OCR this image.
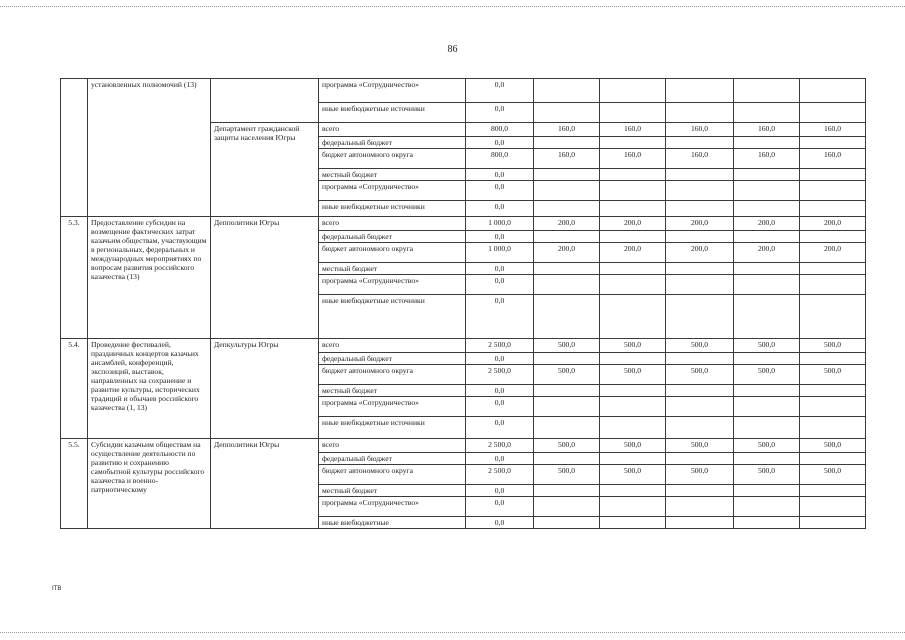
86
	установленных полномочий (13)		программа «Сотрудничество»	0,0					
			иные внебюджетные источники	0,0					
		Департамент гражданской защиты населения Югры	всего	800,0	160,0	160,0	160,0	160,0	160,0
			федеральный бюджет	0,0					
			бюджет автономного округа	800,0	160,0	160,0	160,0	160,0	160,0
			местный бюджет	0,0					
			программа «Сотрудничество»	0,0					
			иные внебюджетные источники	0,0					
5.3.	Предоставление субсидии на возмещение фактических затрат казачьим обществам, участвующим в региональных, федеральных и международных мероприятиях по вопросам развития российского казачества (13)	Депполитики Югры	всего	1 000,0	200,0	200,0	200,0	200,0	200,0
			федеральный бюджет	0,0					
			бюджет автономного округа	1 000,0	200,0	200,0	200,0	200,0	200,0
			местный бюджет	0,0					
			программа «Сотрудничество»	0,0					
			иные внебюджетные источники	0,0					
5.4.	Проведение фестивалей, праздничных концертов казачьих ансамблей, конференций, экспозиций, выставок, направленных на сохранение и развитие культуры, исторических традиций и обычаев российского казачества (1, 13)	Депкультуры Югры	всего	2 500,0	500,0	500,0	500,0	500,0	500,0
			федеральный бюджет	0,0					
			бюджет автономного округа	2 500,0	500,0	500,0	500,0	500,0	500,0
			местный бюджет	0,0					
			программа «Сотрудничество»	0,0					
			иные внебюджетные источники	0,0					
5.5.	Субсидии казачьим обществам на осуществление деятельности по развитию и сохранению самобытной культуры российского казачества и военно-патриотическому	Депполитики Югры	всего	2 500,0	500,0	500,0	500,0	500,0	500,0
			федеральный бюджет	0,0					
			бюджет автономного округа	2 500,0	500,0	500,0	500,0	500,0	500,0
			местный бюджет	0,0					
			программа «Сотрудничество»	0,0					
			иные внебюджетные	0,0					
ITB
